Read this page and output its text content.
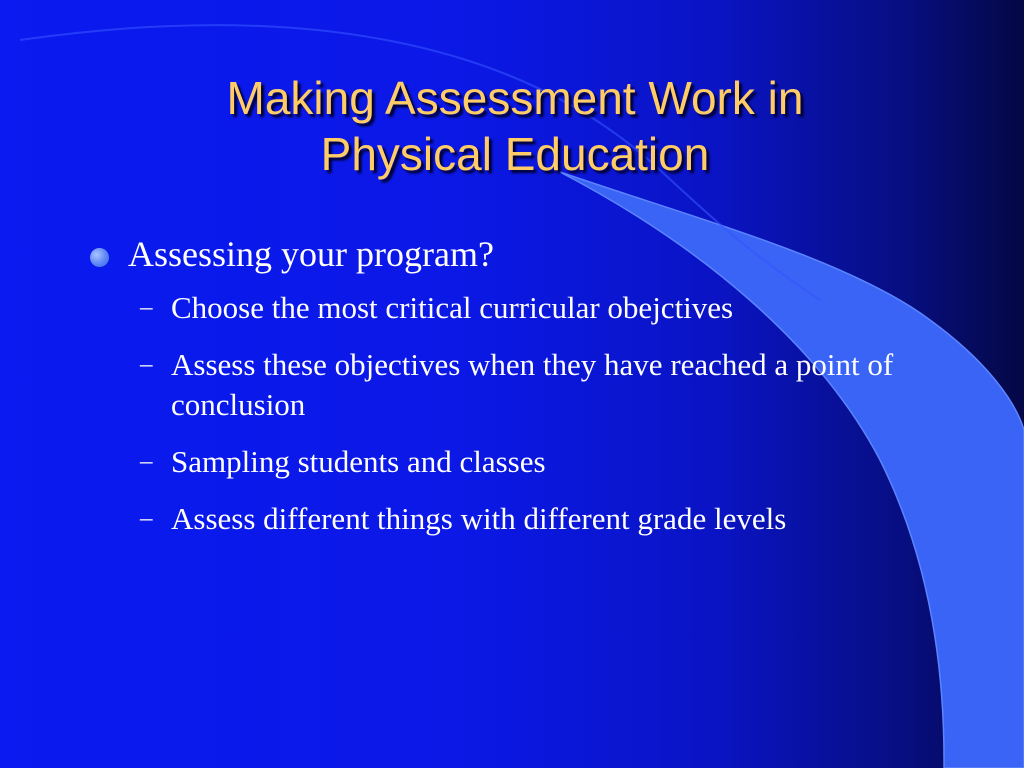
Making Assessment Work in
Physical Education
Assessing your program?
– Choose the most critical curricular obejctives
– Assess these objectives when they have reached a point of conclusion
– Sampling students and classes
– Assess different things with different grade levels
